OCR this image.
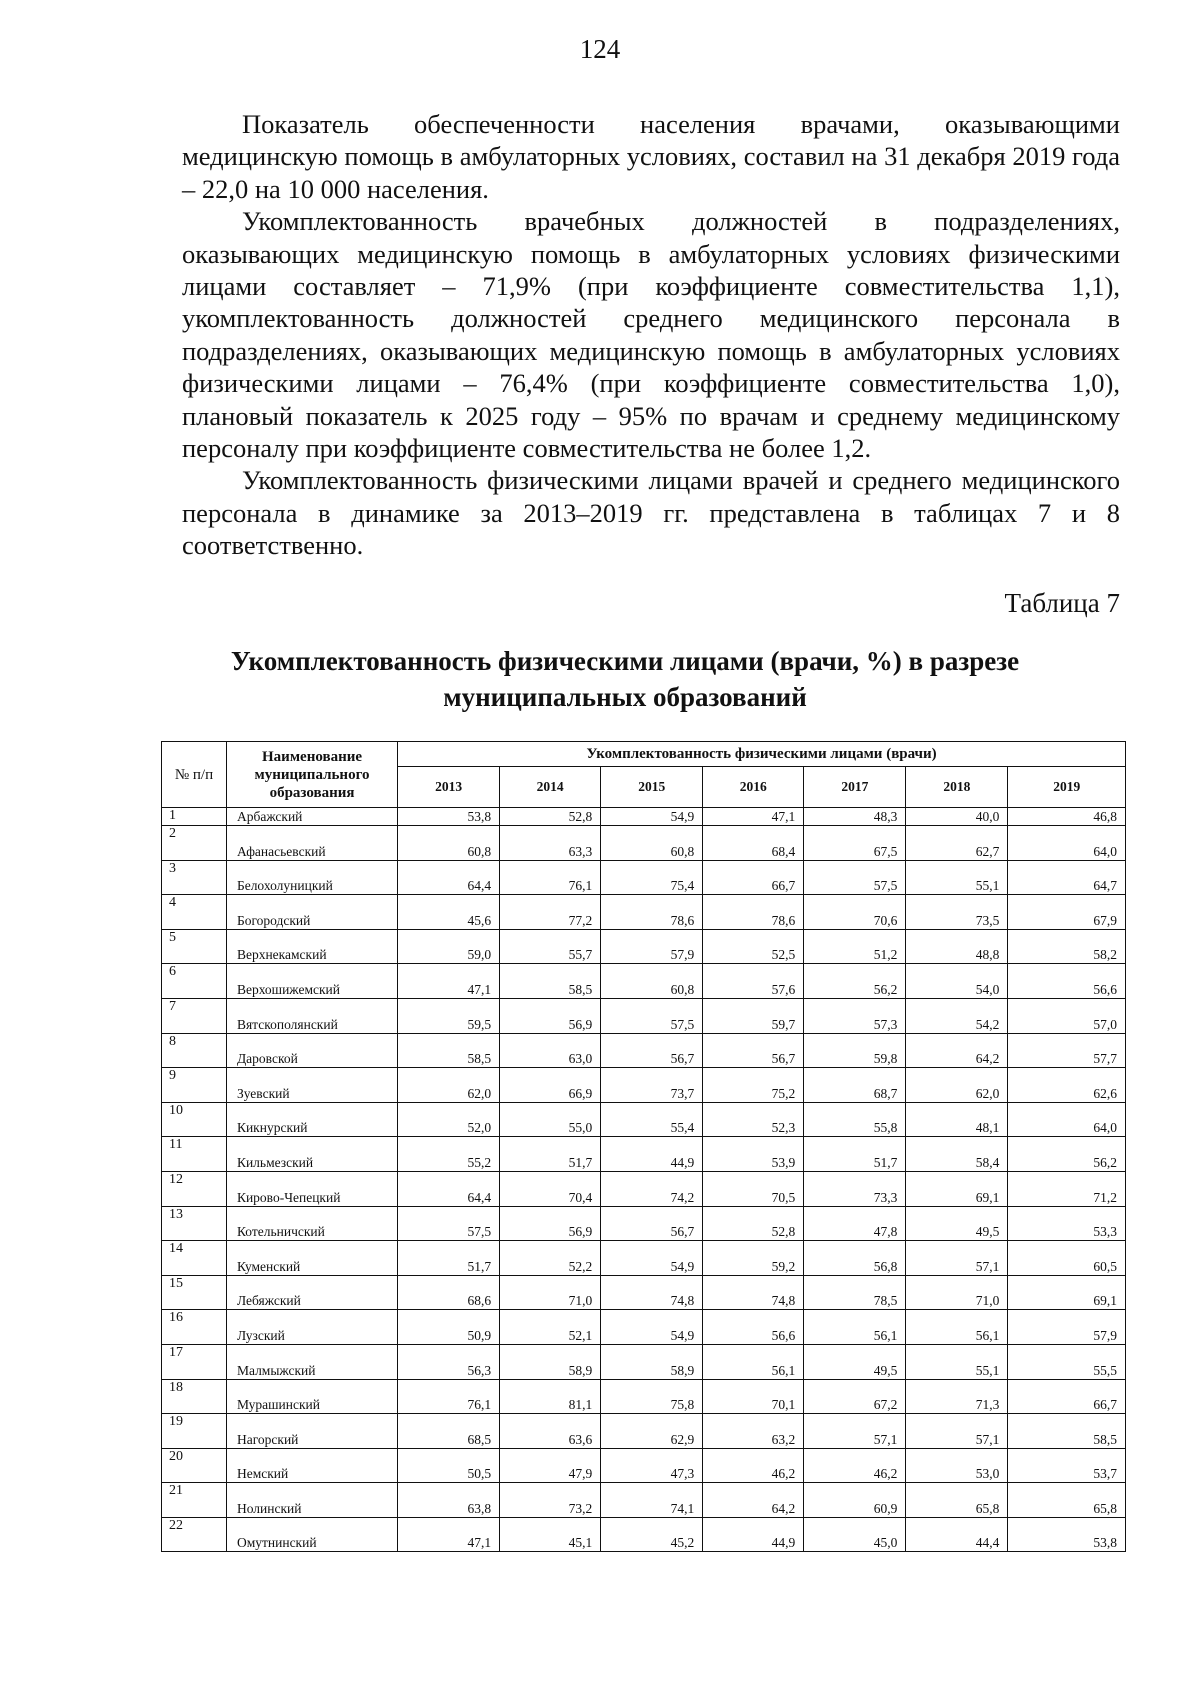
124

Показатель обеспеченности населения врачами, оказывающими медицинскую помощь в амбулаторных условиях, составил на 31 декабря 2019 года – 22,0 на 10 000 населения.

Укомплектованность врачебных должностей в подразделениях, оказывающих медицинскую помощь в амбулаторных условиях физическими лицами составляет – 71,9% (при коэффициенте совместительства 1,1), укомплектованность должностей среднего медицинского персонала в подразделениях, оказывающих медицинскую помощь в амбулаторных условиях физическими лицами – 76,4% (при коэффициенте совместительства 1,0), плановый показатель к 2025 году – 95% по врачам и среднему медицинскому персоналу при коэффициенте совместительства не более 1,2.

Укомплектованность физическими лицами врачей и среднего медицинского персонала в динамике за 2013–2019 гг. представлена в таблицах 7 и 8 соответственно.

Таблица 7
Укомплектованность физическими лицами (врачи, %) в разрезе муниципальных образований
№ п/п	Наименование муниципального образования	Укомплектованность физическими лицами (врачи)						
		2013	2014	2015	2016	2017	2018	2019
1	Арбажский	53,8	52,8	54,9	47,1	48,3	40,0	46,8
2	Афанасьевский	60,8	63,3	60,8	68,4	67,5	62,7	64,0
3	Белохолуницкий	64,4	76,1	75,4	66,7	57,5	55,1	64,7
4	Богородский	45,6	77,2	78,6	78,6	70,6	73,5	67,9
5	Верхнекамский	59,0	55,7	57,9	52,5	51,2	48,8	58,2
6	Верхошижемский	47,1	58,5	60,8	57,6	56,2	54,0	56,6
7	Вятскополянский	59,5	56,9	57,5	59,7	57,3	54,2	57,0
8	Даровской	58,5	63,0	56,7	56,7	59,8	64,2	57,7
9	Зуевский	62,0	66,9	73,7	75,2	68,7	62,0	62,6
10	Кикнурский	52,0	55,0	55,4	52,3	55,8	48,1	64,0
11	Кильмезский	55,2	51,7	44,9	53,9	51,7	58,4	56,2
12	Кирово-Чепецкий	64,4	70,4	74,2	70,5	73,3	69,1	71,2
13	Котельничский	57,5	56,9	56,7	52,8	47,8	49,5	53,3
14	Куменский	51,7	52,2	54,9	59,2	56,8	57,1	60,5
15	Лебяжский	68,6	71,0	74,8	74,8	78,5	71,0	69,1
16	Лузский	50,9	52,1	54,9	56,6	56,1	56,1	57,9
17	Малмыжский	56,3	58,9	58,9	56,1	49,5	55,1	55,5
18	Мурашинский	76,1	81,1	75,8	70,1	67,2	71,3	66,7
19	Нагорский	68,5	63,6	62,9	63,2	57,1	57,1	58,5
20	Немский	50,5	47,9	47,3	46,2	46,2	53,0	53,7
21	Нолинский	63,8	73,2	74,1	64,2	60,9	65,8	65,8
22	Омутнинский	47,1	45,1	45,2	44,9	45,0	44,4	53,8
